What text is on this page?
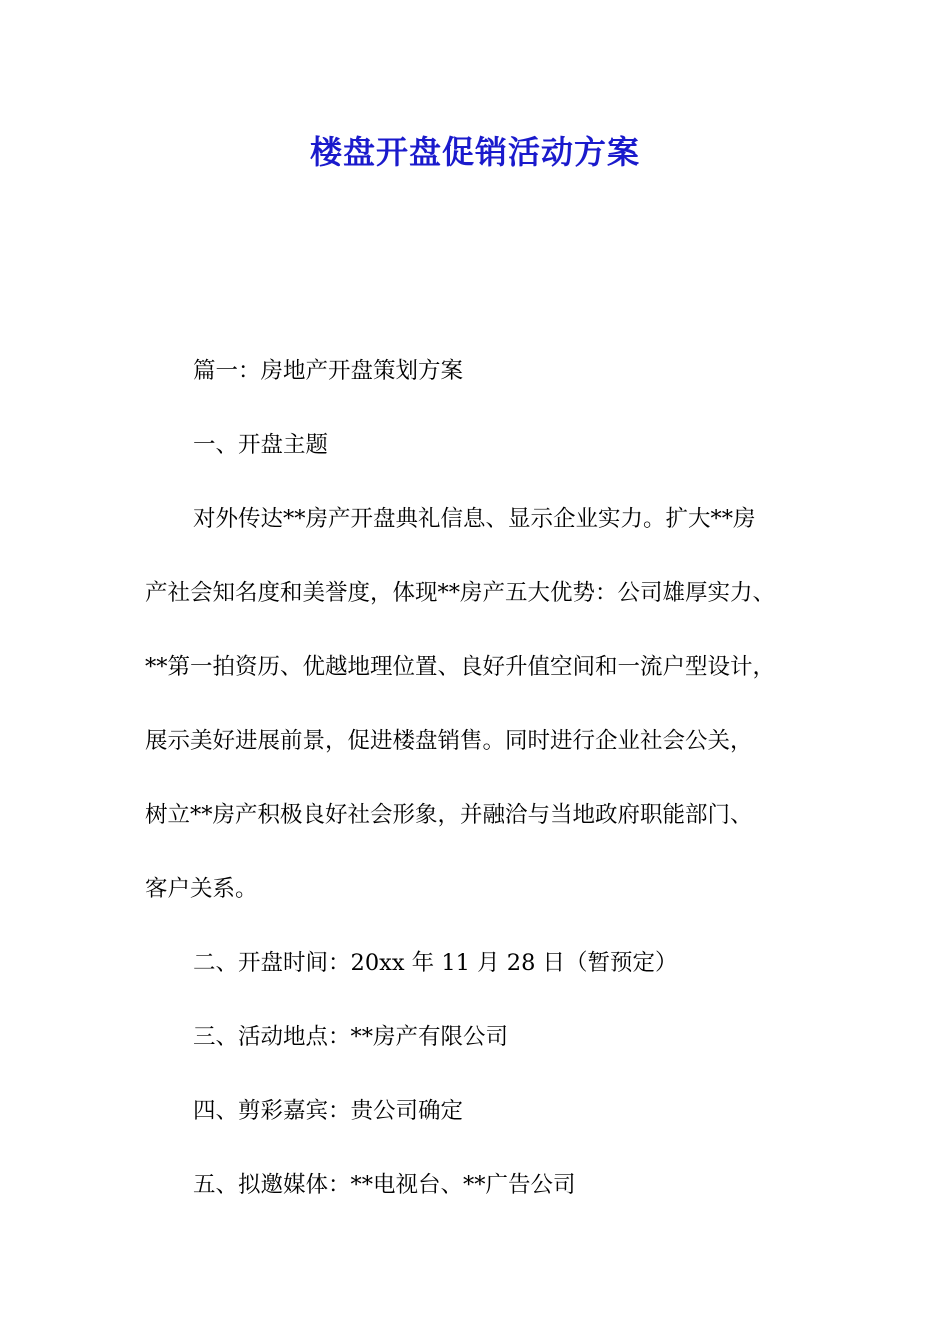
楼盘开盘促销活动方案

篇一：房地产开盘策划方案

一、开盘主题

对外传达**房产开盘典礼信息、显示企业实力。扩大**房
产社会知名度和美誉度，体现**房产五大优势：公司雄厚实力、
**第一拍资历、优越地理位置、良好升值空间和一流户型设计，
展示美好进展前景，促进楼盘销售。同时进行企业社会公关，
树立**房产积极良好社会形象，并融洽与当地政府职能部门、
客户关系。

二、开盘时间：20xx 年 11 月 28 日（暂预定）

三、活动地点：**房产有限公司

四、剪彩嘉宾：贵公司确定

五、拟邀媒体：**电视台、**广告公司
